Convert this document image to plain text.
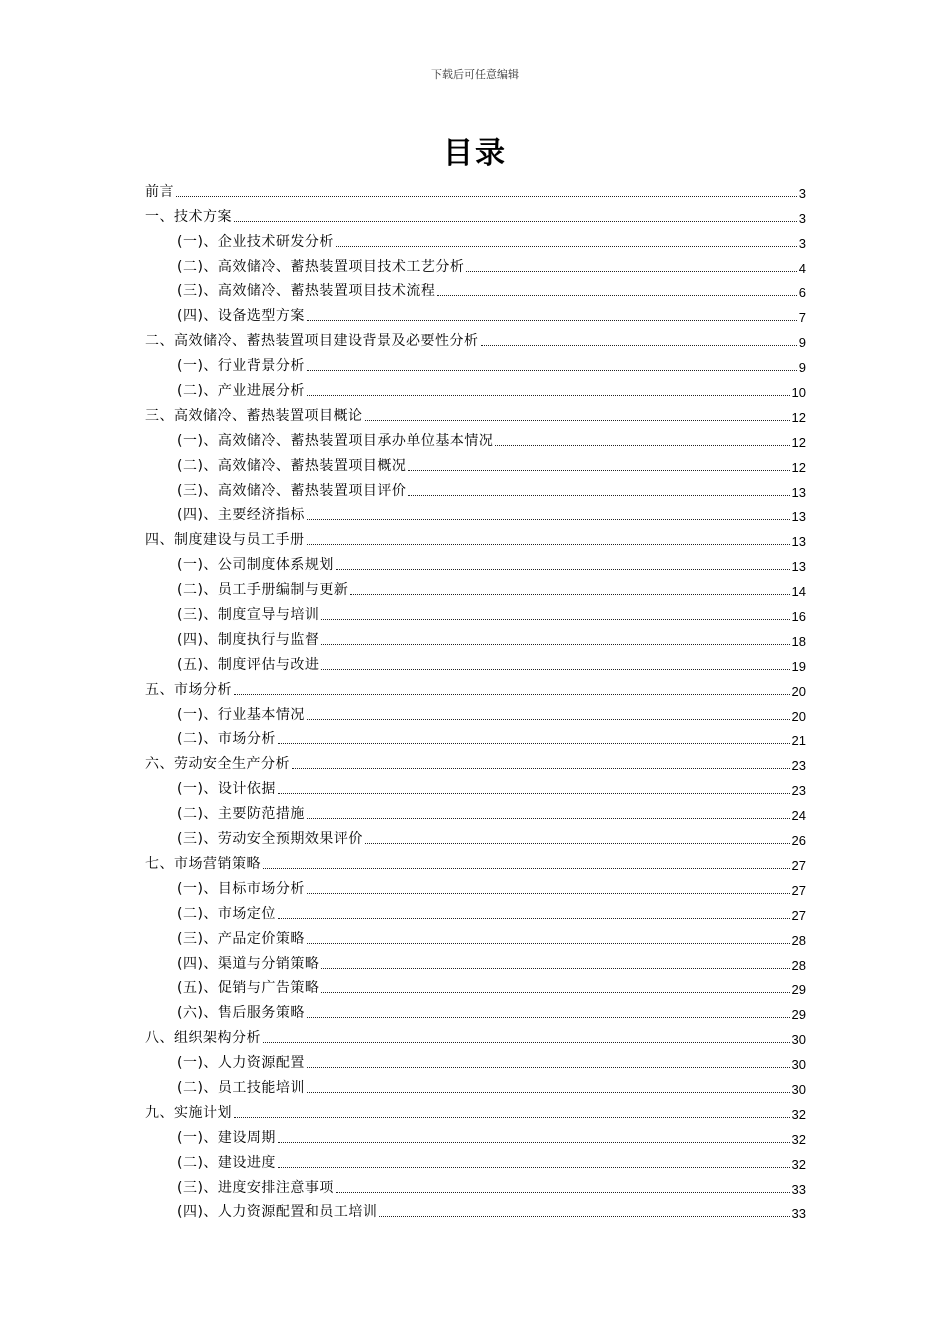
下载后可任意编辑
目录
前言	3
一、技术方案	3
(一)、企业技术研发分析	3
(二)、高效储冷、蓄热装置项目技术工艺分析	4
(三)、高效储冷、蓄热装置项目技术流程	6
(四)、设备选型方案	7
二、高效储冷、蓄热装置项目建设背景及必要性分析	9
(一)、行业背景分析	9
(二)、产业进展分析	10
三、高效储冷、蓄热装置项目概论	12
(一)、高效储冷、蓄热装置项目承办单位基本情况	12
(二)、高效储冷、蓄热装置项目概况	12
(三)、高效储冷、蓄热装置项目评价	13
(四)、主要经济指标	13
四、制度建设与员工手册	13
(一)、公司制度体系规划	13
(二)、员工手册编制与更新	14
(三)、制度宣导与培训	16
(四)、制度执行与监督	18
(五)、制度评估与改进	19
五、市场分析	20
(一)、行业基本情况	20
(二)、市场分析	21
六、劳动安全生产分析	23
(一)、设计依据	23
(二)、主要防范措施	24
(三)、劳动安全预期效果评价	26
七、市场营销策略	27
(一)、目标市场分析	27
(二)、市场定位	27
(三)、产品定价策略	28
(四)、渠道与分销策略	28
(五)、促销与广告策略	29
(六)、售后服务策略	29
八、组织架构分析	30
(一)、人力资源配置	30
(二)、员工技能培训	30
九、实施计划	32
(一)、建设周期	32
(二)、建设进度	32
(三)、进度安排注意事项	33
(四)、人力资源配置和员工培训	33
